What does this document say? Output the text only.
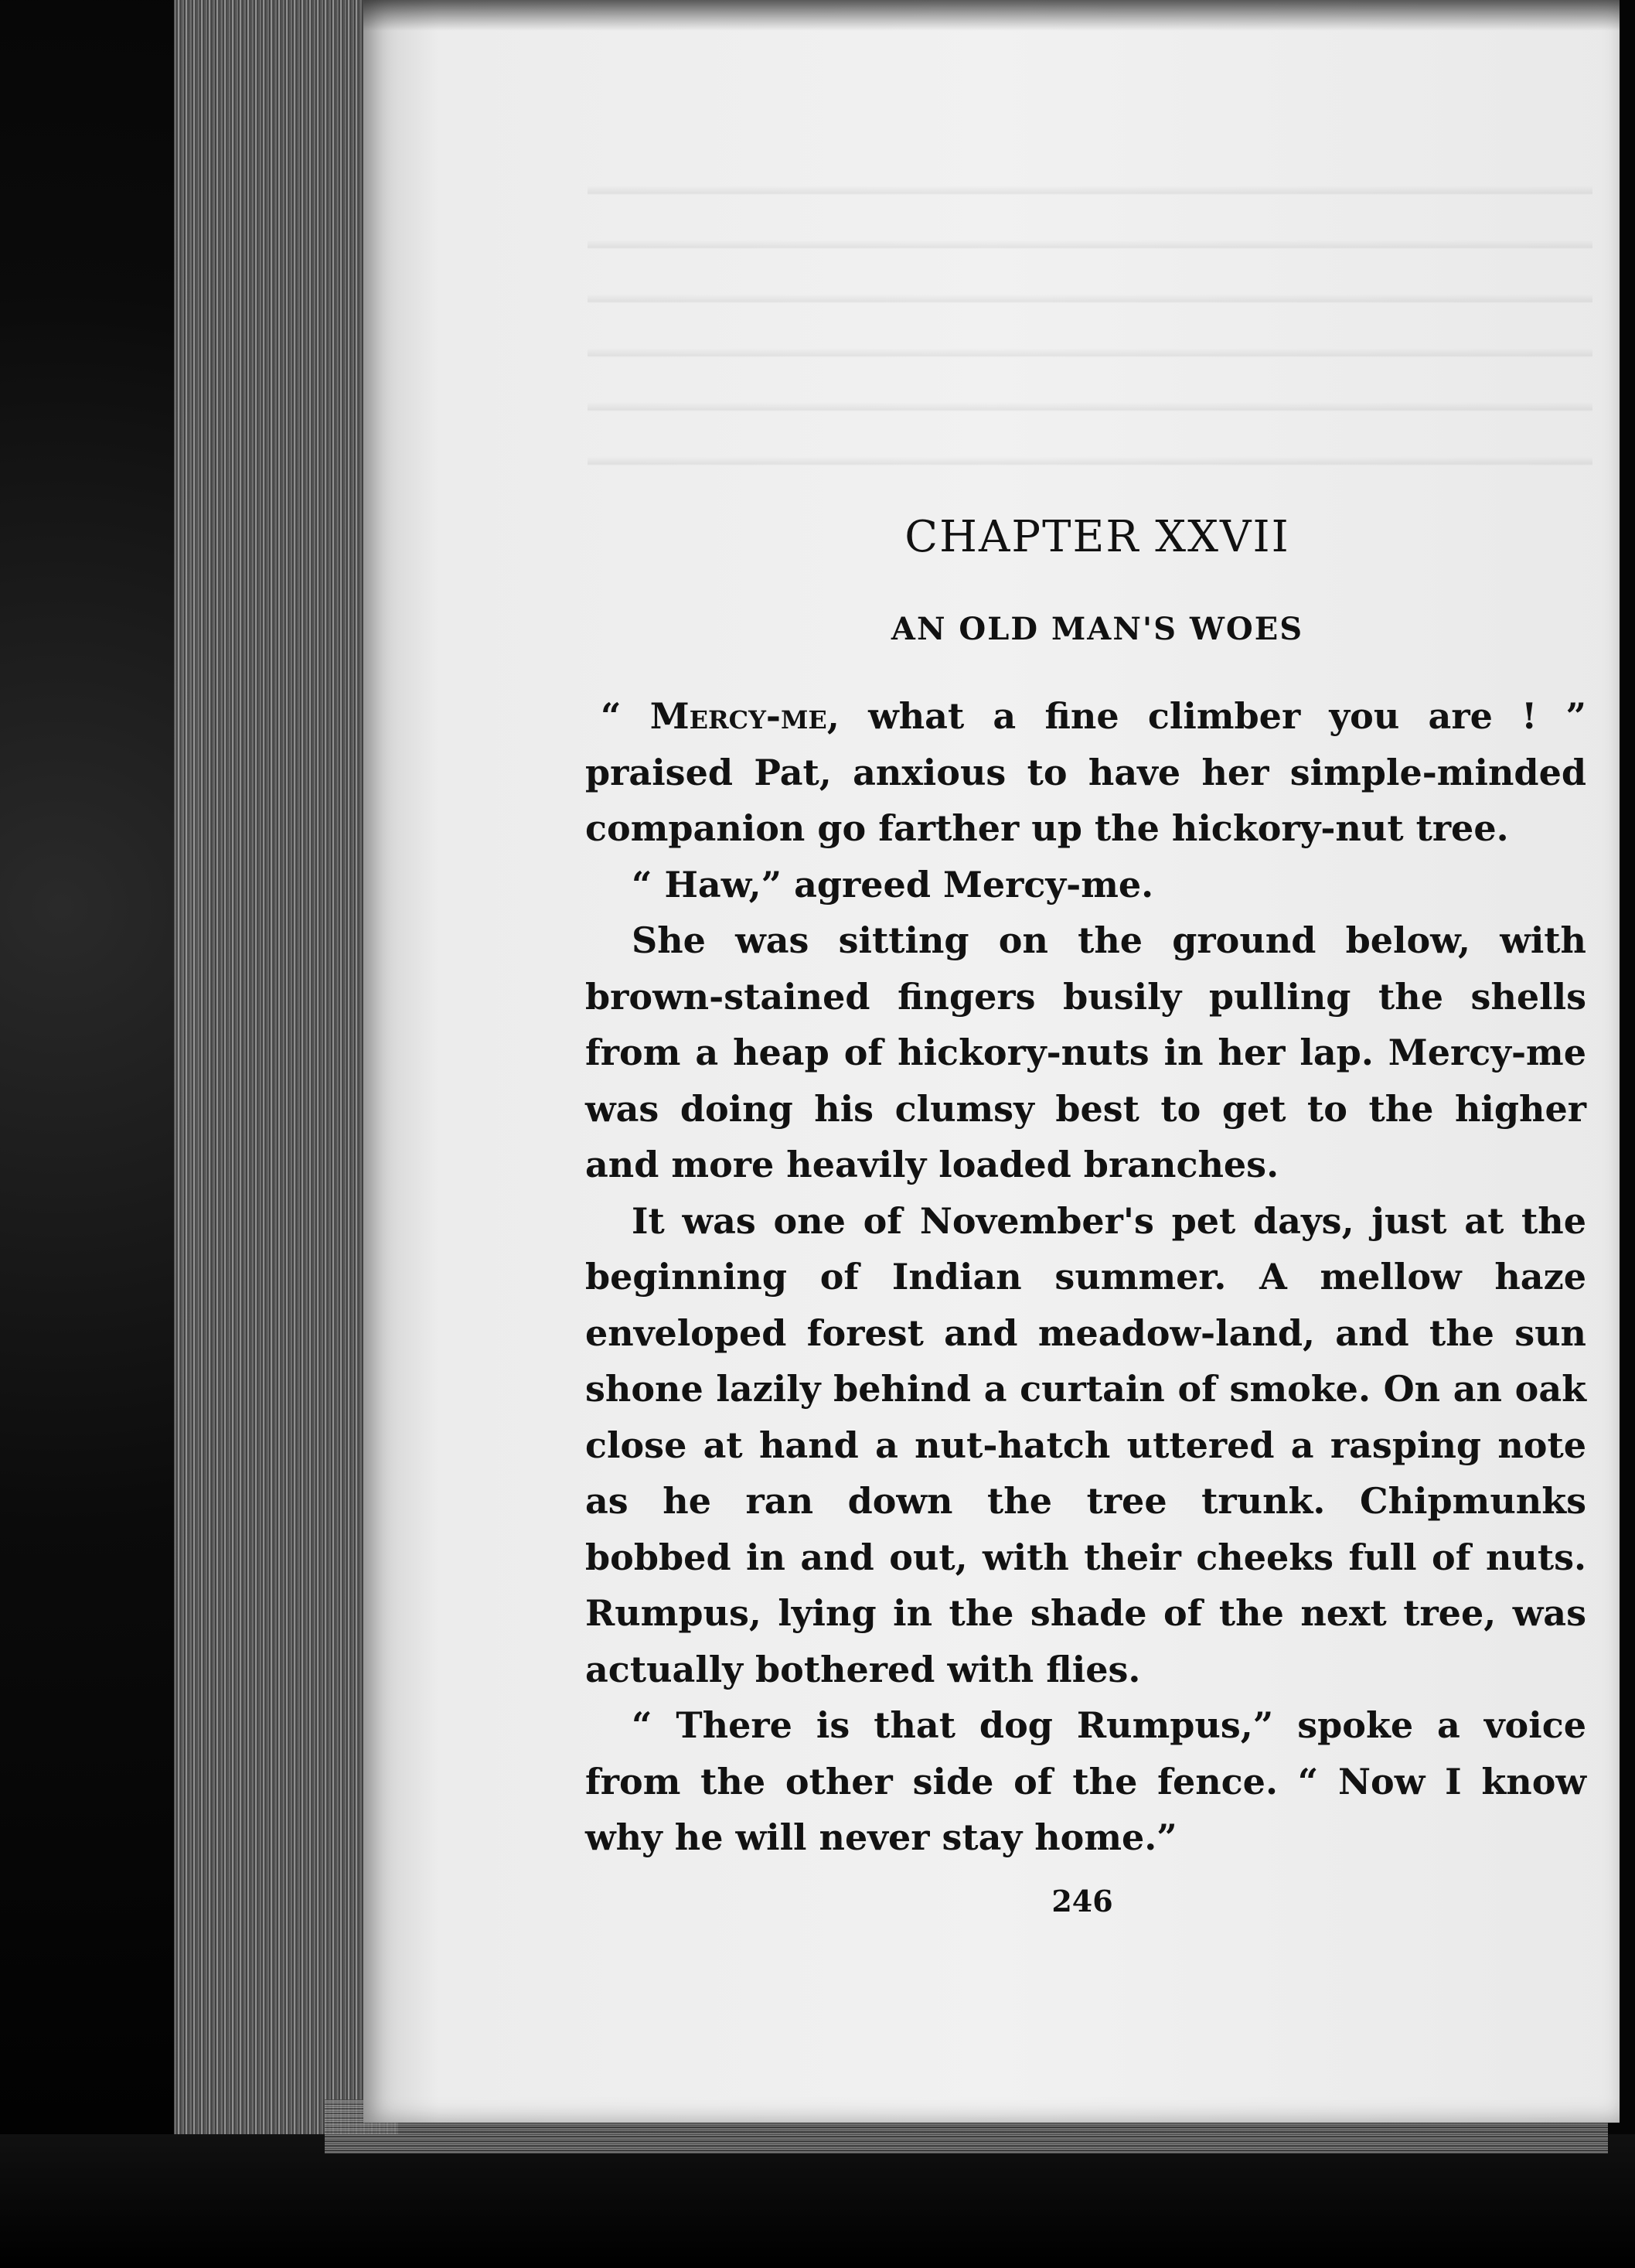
CHAPTER XXVII
AN OLD MAN'S WOES

“ Mercy-me, what a fine climber you are ! ” praised Pat, anxious to have her simple-minded companion go farther up the hickory-nut tree.

“ Haw,” agreed Mercy-me.

She was sitting on the ground below, with brown-stained fingers busily pulling the shells from a heap of hickory-nuts in her lap. Mercy-me was doing his clumsy best to get to the higher and more heavily loaded branches.

It was one of November's pet days, just at the beginning of Indian summer. A mellow haze enveloped forest and meadow-land, and the sun shone lazily behind a curtain of smoke. On an oak close at hand a nut-hatch uttered a rasping note as he ran down the tree trunk. Chipmunks bobbed in and out, with their cheeks full of nuts. Rumpus, lying in the shade of the next tree, was actually bothered with flies.

“ There is that dog Rumpus,” spoke a voice from the other side of the fence. “ Now I know why he will never stay home.”

246
